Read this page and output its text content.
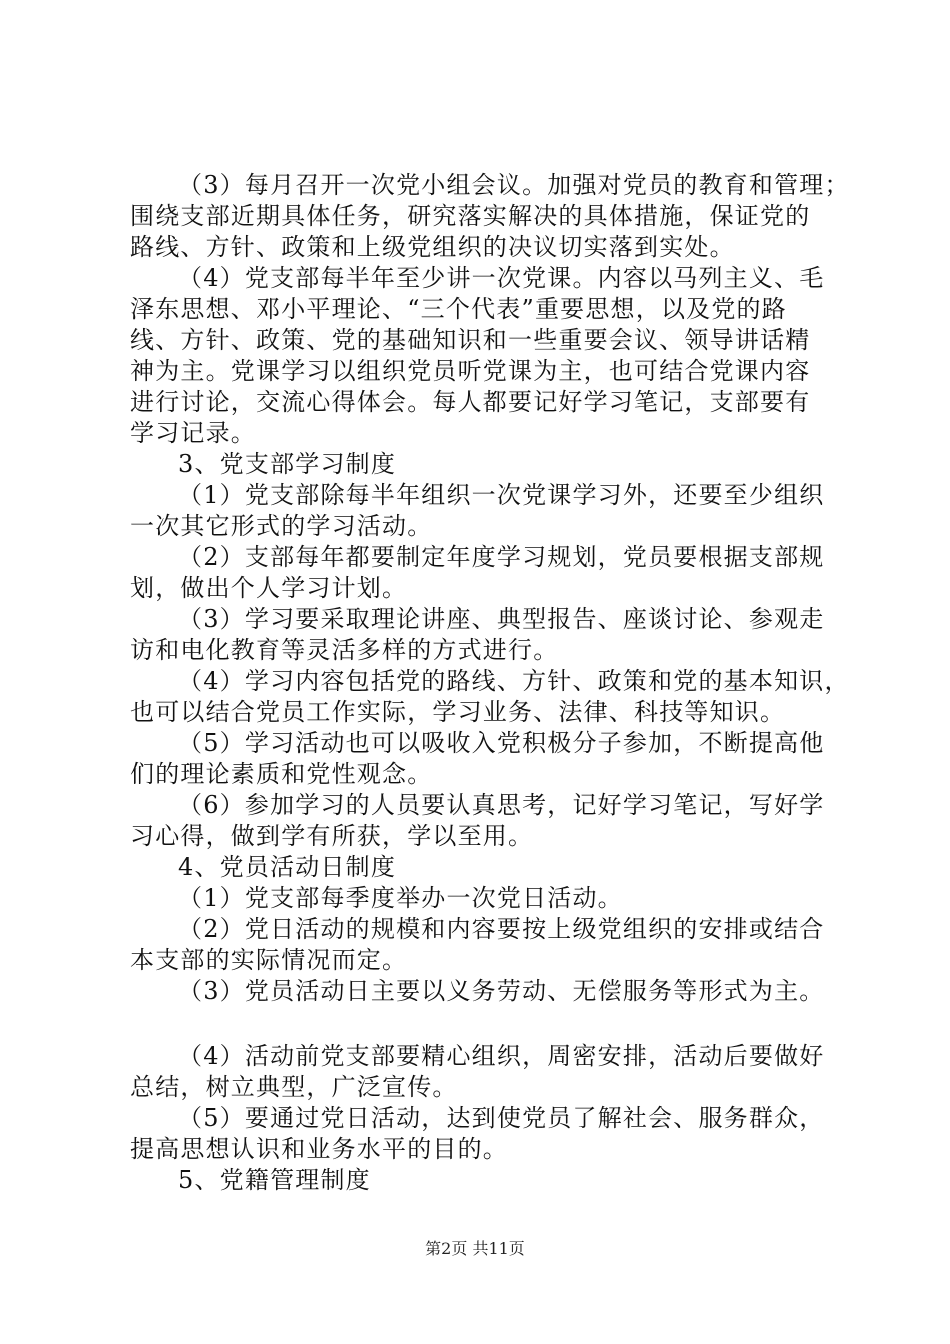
（3）每月召开一次党小组会议。加强对党员的教育和管理；
围绕支部近期具体任务，研究落实解决的具体措施，保证党的
路线、方针、政策和上级党组织的决议切实落到实处。
（4）党支部每半年至少讲一次党课。内容以马列主义、毛
泽东思想、邓小平理论、“三个代表”重要思想，以及党的路
线、方针、政策、党的基础知识和一些重要会议、领导讲话精
神为主。党课学习以组织党员听党课为主，也可结合党课内容
进行讨论，交流心得体会。每人都要记好学习笔记，支部要有
学习记录。
3、党支部学习制度
（1）党支部除每半年组织一次党课学习外，还要至少组织
一次其它形式的学习活动。
（2）支部每年都要制定年度学习规划，党员要根据支部规
划，做出个人学习计划。
（3）学习要采取理论讲座、典型报告、座谈讨论、参观走
访和电化教育等灵活多样的方式进行。
（4）学习内容包括党的路线、方针、政策和党的基本知识，
也可以结合党员工作实际，学习业务、法律、科技等知识。
（5）学习活动也可以吸收入党积极分子参加，不断提高他
们的理论素质和党性观念。
（6）参加学习的人员要认真思考，记好学习笔记，写好学
习心得，做到学有所获，学以至用。
4、党员活动日制度
（1）党支部每季度举办一次党日活动。
（2）党日活动的规模和内容要按上级党组织的安排或结合
本支部的实际情况而定。
（3）党员活动日主要以义务劳动、无偿服务等形式为主。
（4）活动前党支部要精心组织，周密安排，活动后要做好
总结，树立典型，广泛宣传。
（5）要通过党日活动，达到使党员了解社会、服务群众，
提高思想认识和业务水平的目的。
5、党籍管理制度
第2页 共11页
